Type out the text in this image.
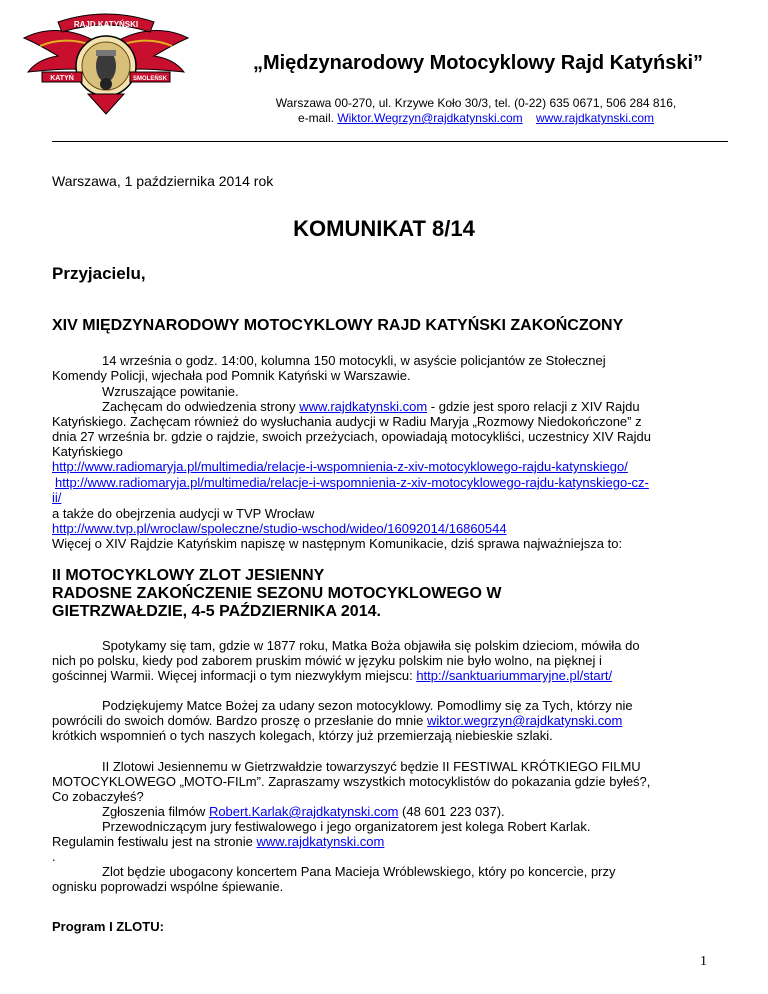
RAJD KATYŃSKI
KATYŃ	SMOLEŃSK
„Międzynarodowy Motocyklowy Rajd Katyński”
Warszawa 00-270, ul. Krzywe Koło 30/3, tel. (0-22) 635 0671, 506 284 816,
e-mail. Wiktor.Wegrzyn@rajdkatynski.com www.rajdkatynski.com
Warszawa, 1 października 2014 rok
KOMUNIKAT 8/14
Przyjacielu,
XIV MIĘDZYNARODOWY MOTOCYKLOWY RAJD KATYŃSKI ZAKOŃCZONY
14 września o godz. 14:00, kolumna 150 motocykli, w asyście policjantów ze Stołecznej
Komendy Policji, wjechała pod Pomnik Katyński w Warszawie.
Wzruszające powitanie.
Zachęcam do odwiedzenia strony www.rajdkatynski.com - gdzie jest sporo relacji z XIV Rajdu
Katyńskiego. Zachęcam również do wysłuchania audycji w Radiu Maryja „Rozmowy Niedokończone” z
dnia 27 września br. gdzie o rajdzie, swoich przeżyciach, opowiadają motocykliści, uczestnicy XIV Rajdu
Katyńskiego
http://www.radiomaryja.pl/multimedia/relacje-i-wspomnienia-z-xiv-motocyklowego-rajdu-katynskiego/
http://www.radiomaryja.pl/multimedia/relacje-i-wspomnienia-z-xiv-motocyklowego-rajdu-katynskiego-cz-
ii/
a także do obejrzenia audycji w TVP Wrocław
http://www.tvp.pl/wroclaw/spoleczne/studio-wschod/wideo/16092014/16860544
Więcej o XIV Rajdzie Katyńskim napiszę w następnym Komunikacie, dziś sprawa najważniejsza to:
II MOTOCYKLOWY ZLOT JESIENNY
RADOSNE ZAKOŃCZENIE SEZONU MOTOCYKLOWEGO W
GIETRZWAŁDZIE, 4-5 PAŹDZIERNIKA 2014.
Spotykamy się tam, gdzie w 1877 roku, Matka Boża objawiła się polskim dzieciom, mówiła do
nich po polsku, kiedy pod zaborem pruskim mówić w języku polskim nie było wolno, na pięknej i
gościnnej Warmii. Więcej informacji o tym niezwykłym miejscu: http://sanktuariummaryjne.pl/start/
Podziękujemy Matce Bożej za udany sezon motocyklowy. Pomodlimy się za Tych, którzy nie
powrócili do swoich domów. Bardzo proszę o przesłanie do mnie wiktor.wegrzyn@rajdkatynski.com
krótkich wspomnień o tych naszych kolegach, którzy już przemierzają niebieskie szlaki.
II Zlotowi Jesiennemu w Gietrzwałdzie towarzyszyć będzie II FESTIWAL KRÓTKIEGO FILMU
MOTOCYKLOWEGO „MOTO-FILm”. Zapraszamy wszystkich motocyklistów do pokazania gdzie byłeś?,
Co zobaczyłeś?
Zgłoszenia filmów Robert.Karlak@rajdkatynski.com (48 601 223 037).
Przewodniczącym jury festiwalowego i jego organizatorem jest kolega Robert Karlak.
Regulamin festiwalu jest na stronie www.rajdkatynski.com
.
Zlot będzie ubogacony koncertem Pana Macieja Wróblewskiego, który po koncercie, przy
ognisku poprowadzi wspólne śpiewanie.
Program I ZLOTU:
1
